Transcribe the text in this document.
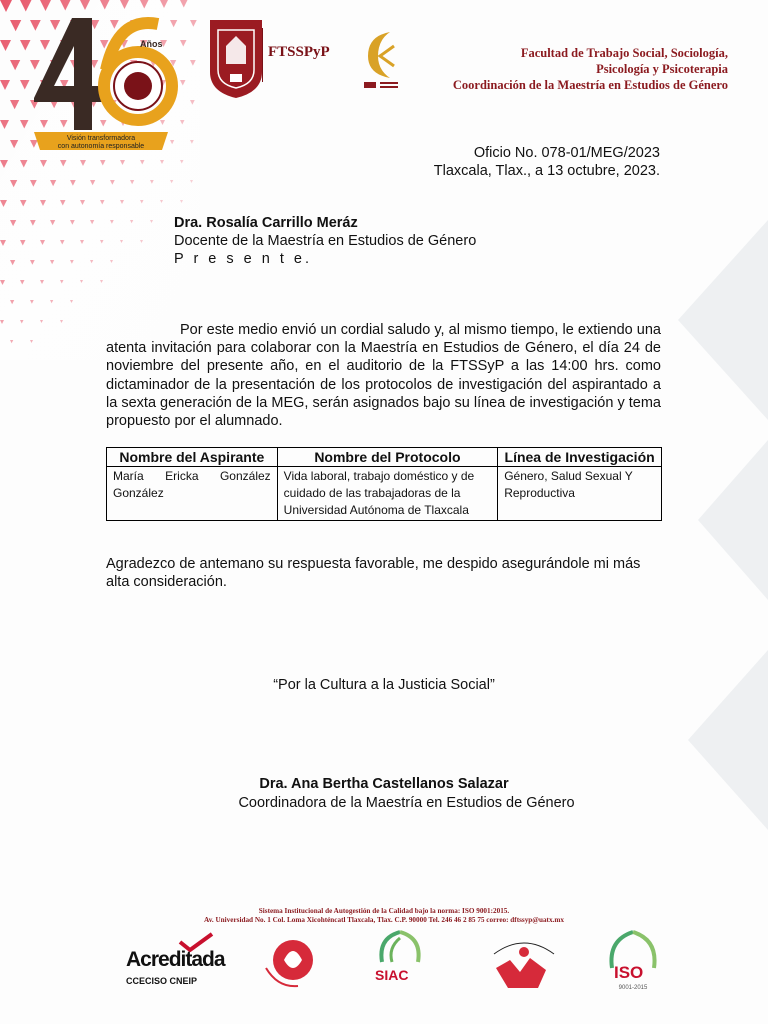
Años
Visión transformadora
con autonomía responsable
FTSSPyP	Facultad de Trabajo Social, Sociología,
Psicología y Psicoterapia
Coordinación de la Maestría en Estudios de Género
Oficio No. 078-01/MEG/2023
Tlaxcala, Tlax., a 13 octubre, 2023.
Dra. Rosalía Carrillo Meráz
Docente de la Maestría en Estudios de Género
P r e s e n t e.
Por este medio envió un cordial saludo y, al mismo tiempo, le extiendo una atenta invitación para colaborar con la Maestría en Estudios de Género, el día 24 de noviembre del presente año, en el auditorio de la FTSSyP a las 14:00 hrs. como dictaminador de la presentación de los protocolos de investigación del aspirantado a la sexta generación de la MEG, serán asignados bajo su línea de investigación y tema propuesto por el alumnado.
Nombre del Aspirante	Nombre del Protocolo	Línea de Investigación
María Ericka González González	Vida laboral, trabajo doméstico y de cuidado de las trabajadoras de la Universidad Autónoma de Tlaxcala	Género, Salud Sexual Y Reproductiva
Agradezco de antemano su respuesta favorable, me despido asegurándole mi más alta consideración.
“Por la Cultura a la Justicia Social”
Dra. Ana Bertha Castellanos Salazar
Coordinadora de la Maestría en Estudios de Género
Sistema Institucional de Autogestión de la Calidad bajo la norma: ISO 9001:2015.
Av. Universidad No. 1 Col. Loma Xicohténcatl Tlaxcala, Tlax. C.P. 90000 Tel. 246 46 2 85 75 correo: dftssyp@uatx.mx
Acreditada
CCECISO CNEIP	SIAC
9001-2015
ISO
